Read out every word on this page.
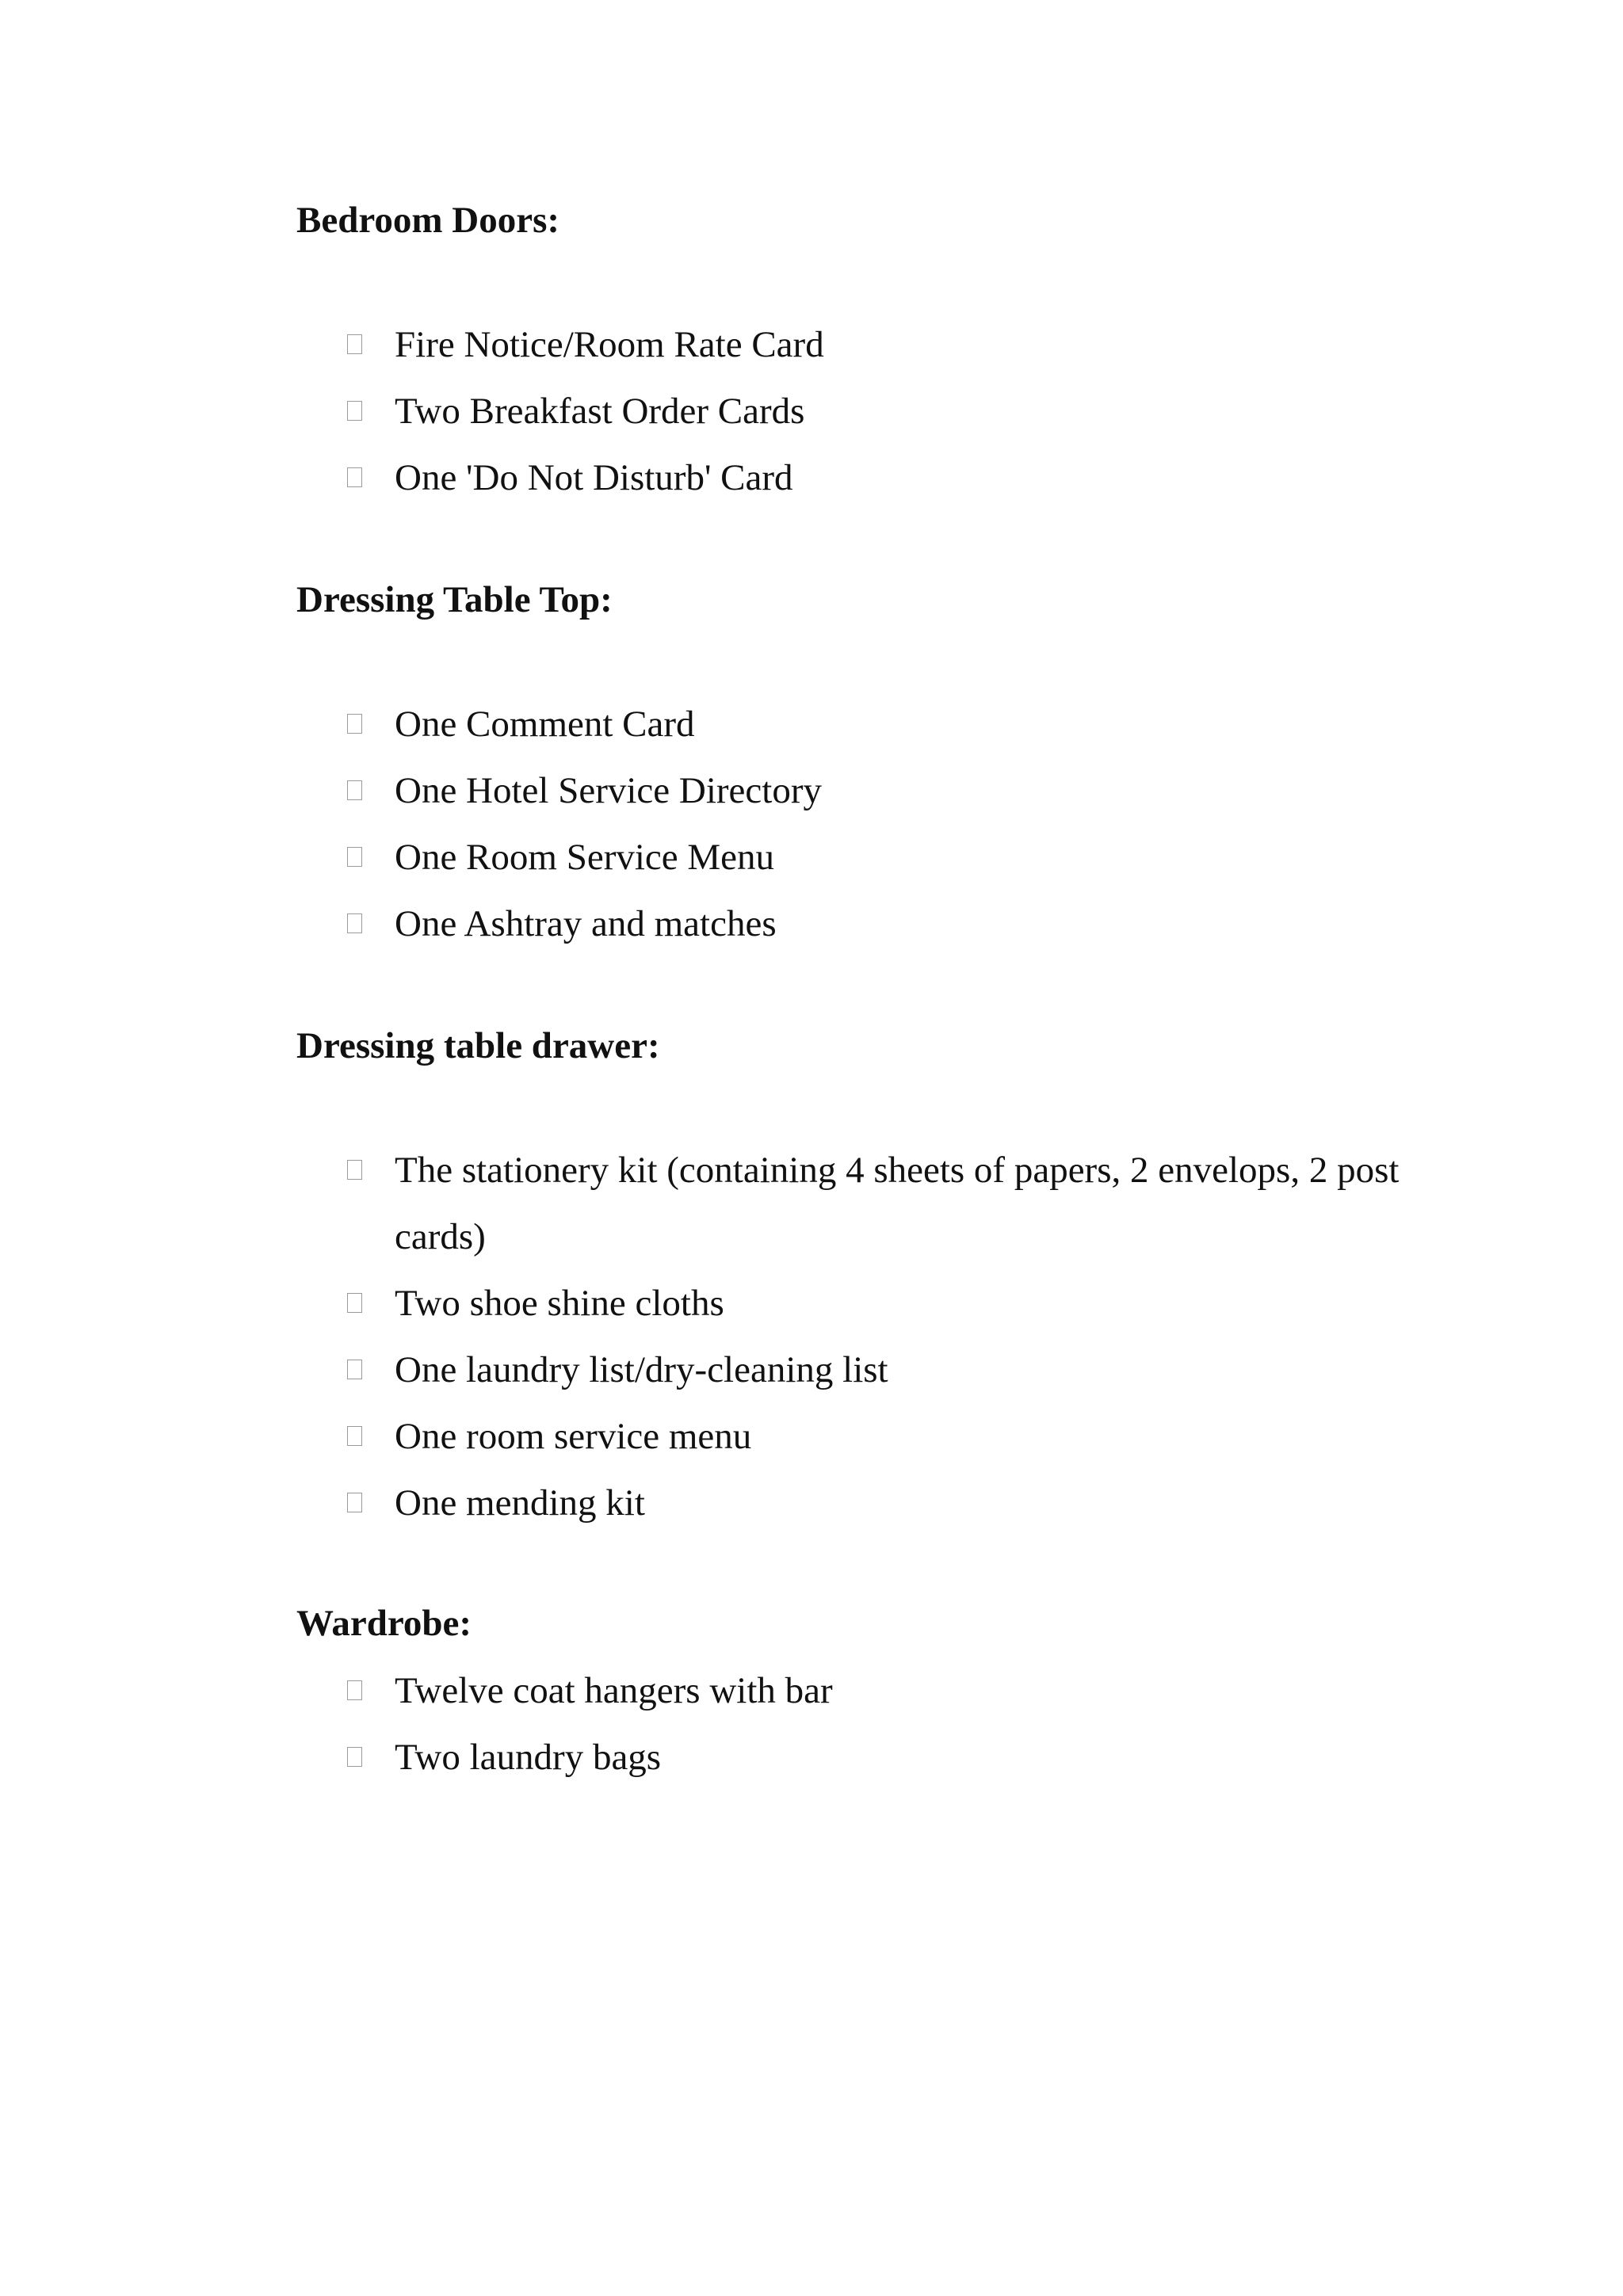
Bedroom Doors:
Fire Notice/Room Rate Card
Two Breakfast Order Cards
One 'Do Not Disturb' Card
Dressing Table Top:
One Comment Card
One Hotel Service Directory
One Room Service Menu
One Ashtray and matches
Dressing table drawer:
The stationery kit (containing 4 sheets of papers, 2 envelops, 2 post cards)
Two shoe shine cloths
One laundry list/dry-cleaning list
One room service menu
One mending kit
Wardrobe:
Twelve coat hangers with bar
Two laundry bags
